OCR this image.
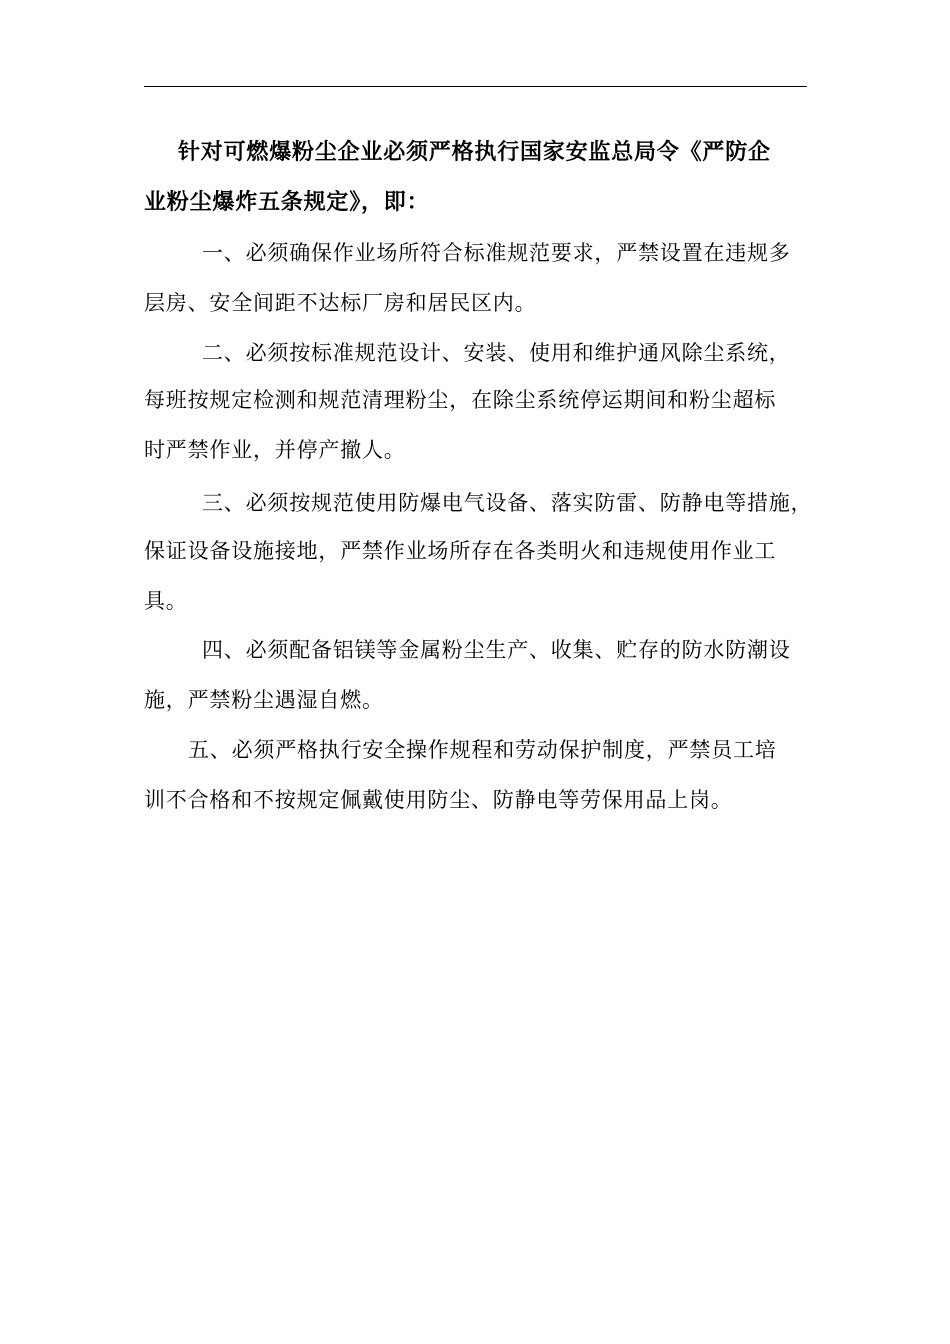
针对可燃爆粉尘企业必须严格执行国家安监总局令《严防企
业粉尘爆炸五条规定》，即：
一、必须确保作业场所符合标准规范要求，严禁设置在违规多
层房、安全间距不达标厂房和居民区内。
二、必须按标准规范设计、安装、使用和维护通风除尘系统，
每班按规定检测和规范清理粉尘，在除尘系统停运期间和粉尘超标
时严禁作业，并停产撤人。
三、必须按规范使用防爆电气设备、落实防雷、防静电等措施，
保证设备设施接地，严禁作业场所存在各类明火和违规使用作业工
具。
四、必须配备铝镁等金属粉尘生产、收集、贮存的防水防潮设
施，严禁粉尘遇湿自燃。
五、必须严格执行安全操作规程和劳动保护制度，严禁员工培
训不合格和不按规定佩戴使用防尘、防静电等劳保用品上岗。
